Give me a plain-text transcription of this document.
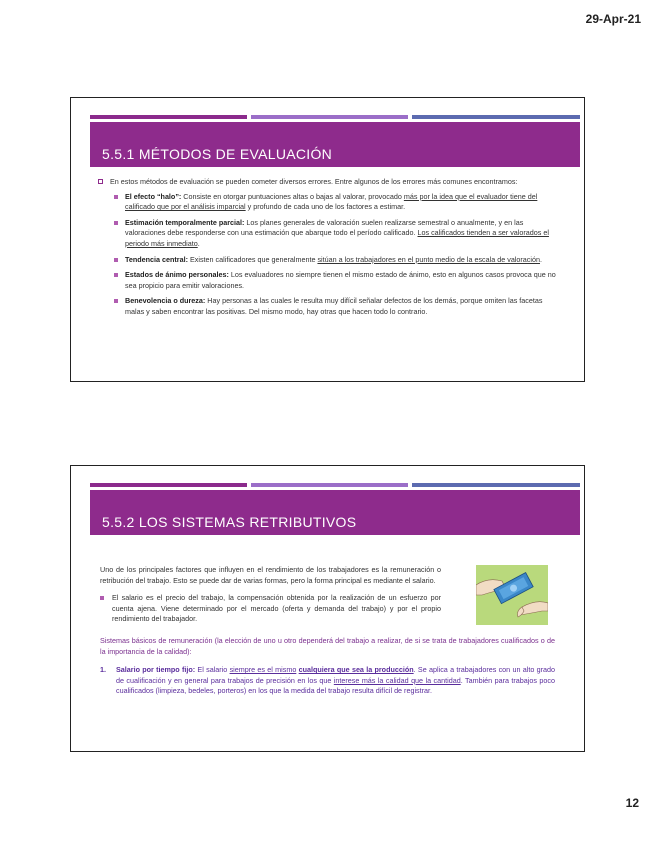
29-Apr-21
5.5.1 MÉTODOS DE EVALUACIÓN
En estos métodos de evaluación se pueden cometer diversos errores. Entre algunos de los errores más comunes encontramos:
El efecto “halo”: Consiste en otorgar puntuaciones altas o bajas al valorar, provocado más por la idea que el evaluador tiene del calificado que por el análisis imparcial y profundo de cada uno de los factores a estimar.
Estimación temporalmente parcial: Los planes generales de valoración suelen realizarse semestral o anualmente, y en las valoraciones debe responderse con una estimación que abarque todo el período calificado. Los calificados tienden a ser valorados el periodo más inmediato.
Tendencia central: Existen calificadores que generalmente sitúan a los trabajadores en el punto medio de la escala de valoración.
Estados de ánimo personales: Los evaluadores no siempre tienen el mismo estado de ánimo, esto en algunos casos provoca que no sea propicio para emitir valoraciones.
Benevolencia o dureza: Hay personas a las cuales le resulta muy difícil señalar defectos de los demás, porque omiten las facetas malas y saben encontrar las positivas. Del mismo modo, hay otras que hacen todo lo contrario.
5.5.2 LOS SISTEMAS RETRIBUTIVOS
Uno de los principales factores que influyen en el rendimiento de los trabajadores es la remuneración o retribución del trabajo. Esto se puede dar de varias formas, pero la forma principal es mediante el salario.
El salario es el precio del trabajo, la compensación obtenida por la realización de un esfuerzo por cuenta ajena. Viene determinado por el mercado (oferta y demanda del trabajo) y por el propio rendimiento del trabajador.
Sistemas básicos de remuneración (la elección de uno u otro dependerá del trabajo a realizar, de si se trata de trabajadores cualificados o de la importancia de la calidad):
1. Salario por tiempo fijo: El salario siempre es el mismo cualquiera que sea la producción. Se aplica a trabajadores con un alto grado de cualificación y en general para trabajos de precisión en los que interese más la calidad que la cantidad. También para trabajos poco cualificados (limpieza, bedeles, porteros) en los que la medida del trabajo resulta difícil de registrar.
12
